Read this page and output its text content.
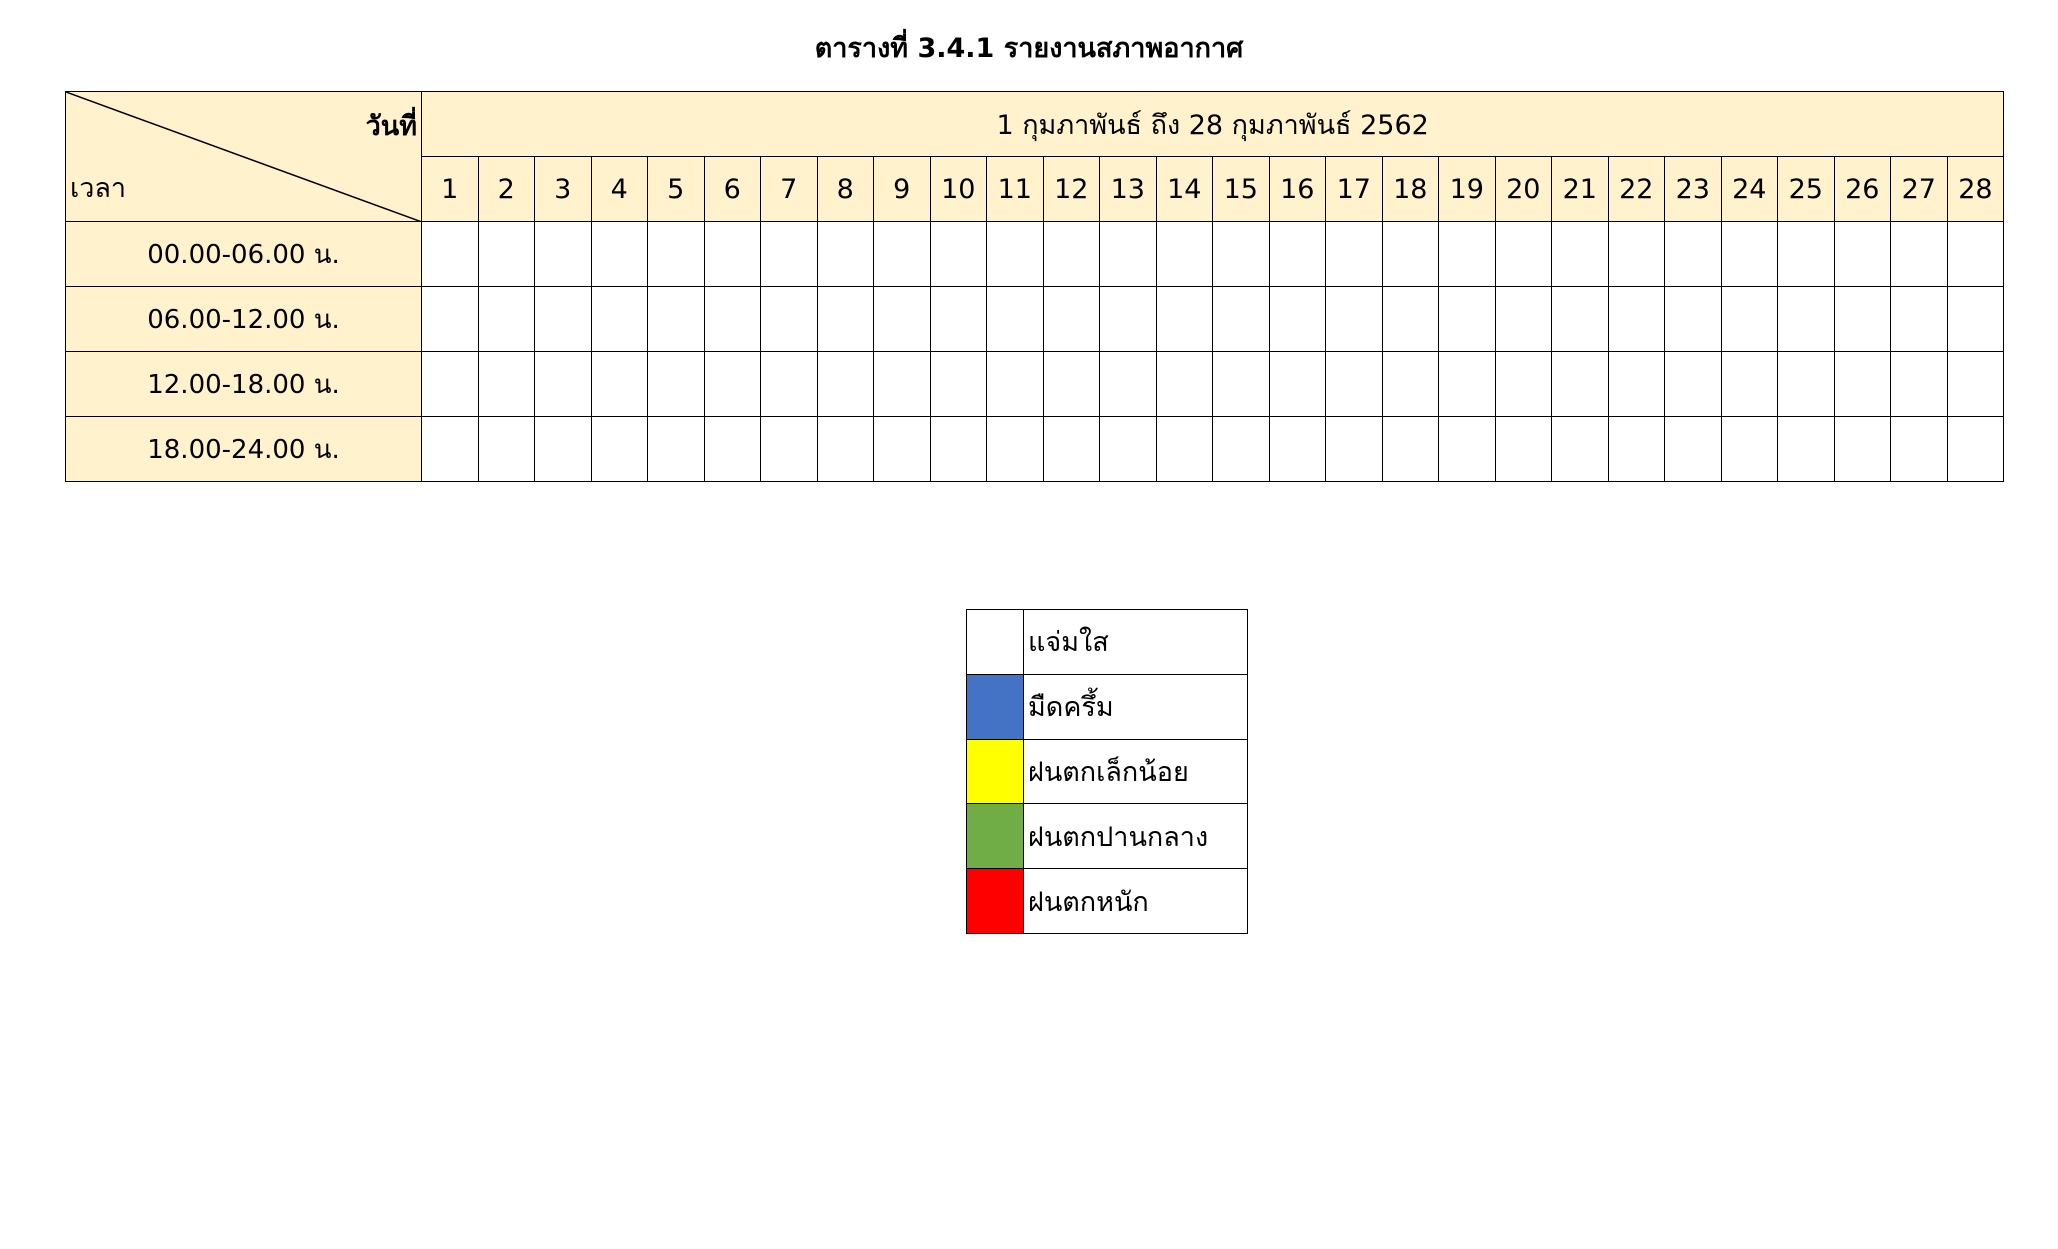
ตารางที่ 3.4.1 รายงานสภาพอากาศ
วันที่
เวลา	1 กุมภาพันธ์ ถึง 28 กุมภาพันธ์ 2562																											
	1	2	3	4	5	6	7	8	9	10	11	12	13	14	15	16	17	18	19	20	21	22	23	24	25	26	27	28
00.00-06.00 น.																												
06.00-12.00 น.																												
12.00-18.00 น.																												
18.00-24.00 น.																												
	แจ่มใส
	มืดครึ้ม
	ฝนตกเล็กน้อย
	ฝนตกปานกลาง
	ฝนตกหนัก
